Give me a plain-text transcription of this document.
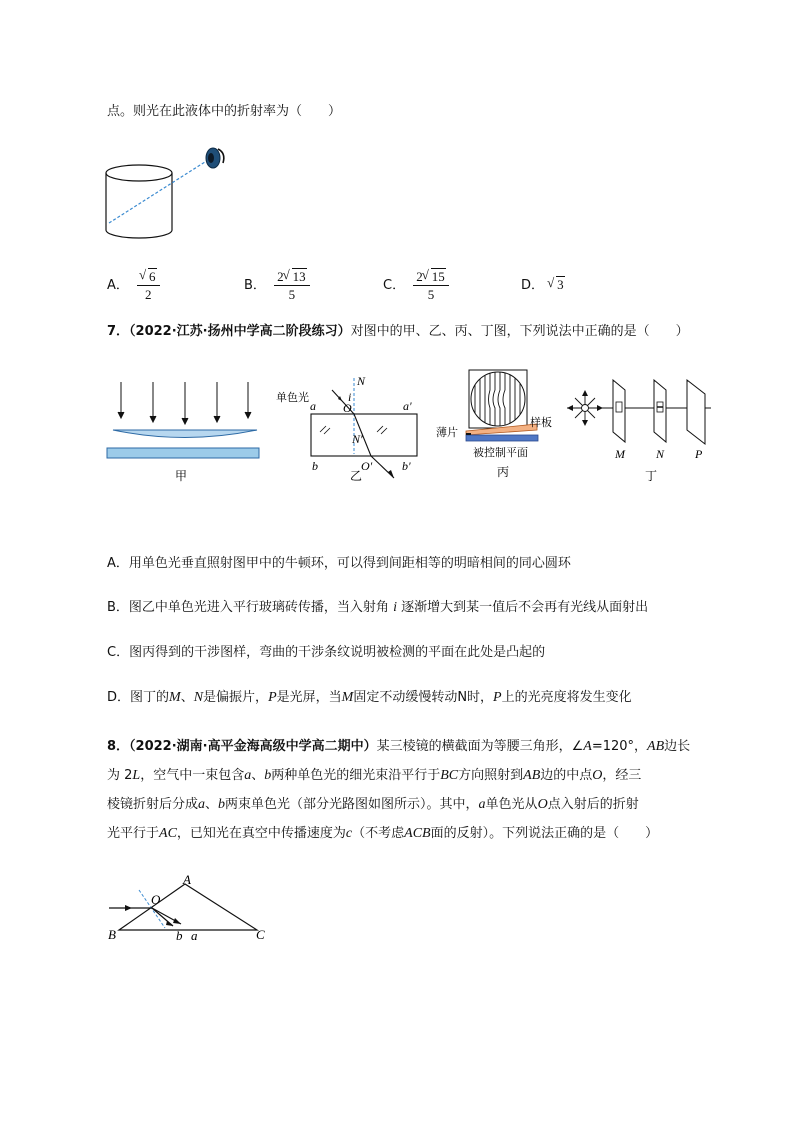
点。则光在此液体中的折射率为（　　）
A． √ $\frac{6}{2}$	B． $\frac{2 √ 13}{5}$	C． $\frac{2 √ 15}{5}$	D． √ 3
7．（2022·江苏·扬州中学高二阶段练习）对图中的甲、乙、丙、丁图，下列说法中正确的是（　　）
甲
单色光
N
i
a O	a'
N'
b	O' b'
乙
薄片
样板
被控制平面
丙
M	N	P
丁
A．用单色光垂直照射图甲中的牛顿环，可以得到间距相等的明暗相间的同心圆环
B．图乙中单色光进入平行玻璃砖传播，当入射角 i 逐渐增大到某一值后不会再有光线从面射出
C．图丙得到的干涉图样，弯曲的干涉条纹说明被检测的平面在此处是凸起的
D．图丁的M、N是偏振片，P是光屏，当M固定不动缓慢转动N时，P上的光亮度将发生变化
8．（2022·湖南·高平金海高级中学高二期中）某三棱镜的横截面为等腰三角形，∠A=120°，AB边长
为 2L，空气中一束包含a、b两种单色光的细光束沿平行于BC方向照射到AB边的中点O，经三
棱镜折射后分成a、b两束单色光（部分光路图如图所示）。其中，a单色光从O点入射后的折射
光平行于AC，已知光在真空中传播速度为c（不考虑ACB面的反射）。下列说法正确的是（　　）
A
B	C
O
b a
